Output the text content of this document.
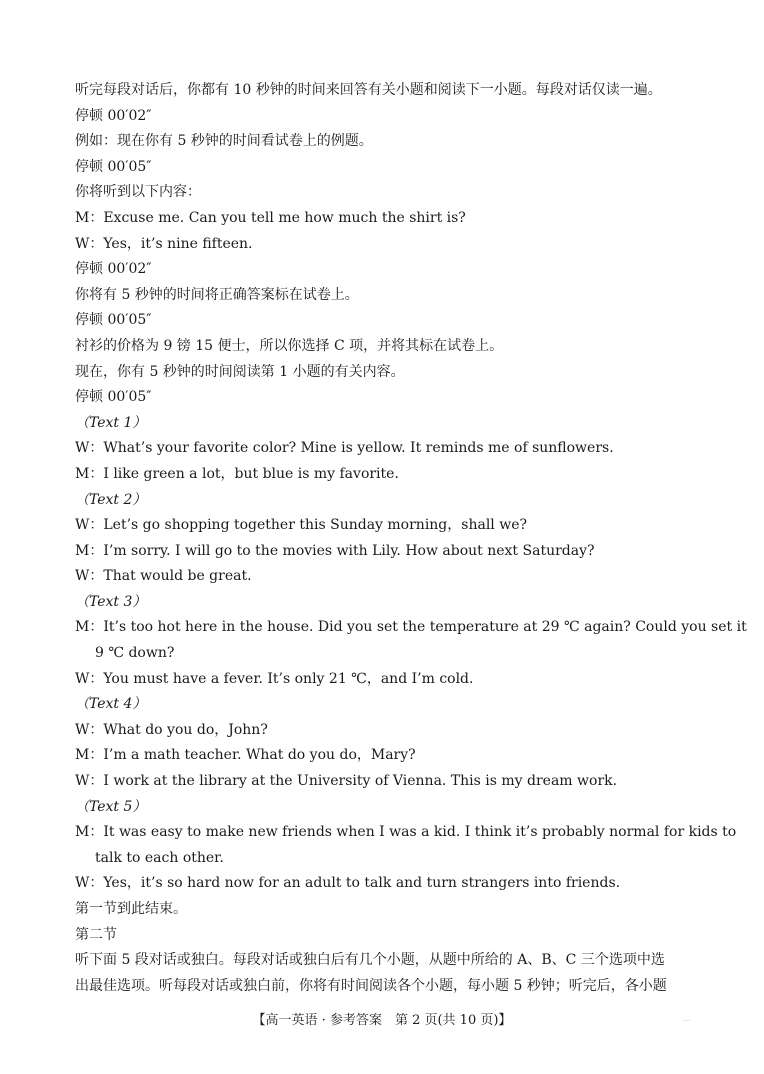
听完每段对话后，你都有 10 秒钟的时间来回答有关小题和阅读下一小题。每段对话仅读一遍。
停顿 00′02″
例如：现在你有 5 秒钟的时间看试卷上的例题。
停顿 00′05″
你将听到以下内容：
M：Excuse me. Can you tell me how much the shirt is?
W：Yes，it’s nine fifteen.
停顿 00′02″
你将有 5 秒钟的时间将正确答案标在试卷上。
停顿 00′05″
衬衫的价格为 9 镑 15 便士，所以你选择 C 项，并将其标在试卷上。
现在，你有 5 秒钟的时间阅读第 1 小题的有关内容。
停顿 00′05″
（Text 1）
W：What’s your favorite color? Mine is yellow. It reminds me of sunflowers.
M：I like green a lot，but blue is my favorite.
（Text 2）
W：Let’s go shopping together this Sunday morning，shall we?
M：I’m sorry. I will go to the movies with Lily. How about next Saturday?
W：That would be great.
（Text 3）
M：It’s too hot here in the house. Did you set the temperature at 29 ℃ again? Could you set it
9 ℃ down?
W：You must have a fever. It’s only 21 ℃，and I’m cold.
（Text 4）
W：What do you do，John?
M：I’m a math teacher. What do you do，Mary?
W：I work at the library at the University of Vienna. This is my dream work.
（Text 5）
M：It was easy to make new friends when I was a kid. I think it’s probably normal for kids to
talk to each other.
W：Yes，it’s so hard now for an adult to talk and turn strangers into friends.
第一节到此结束。
第二节
听下面 5 段对话或独白。每段对话或独白后有几个小题，从题中所给的 A、B、C 三个选项中选
出最佳选项。听每段对话或独白前，你将有时间阅读各个小题，每小题 5 秒钟；听完后，各小题
【高一英语 · 参考答案　第 2 页(共 10 页)】	...
